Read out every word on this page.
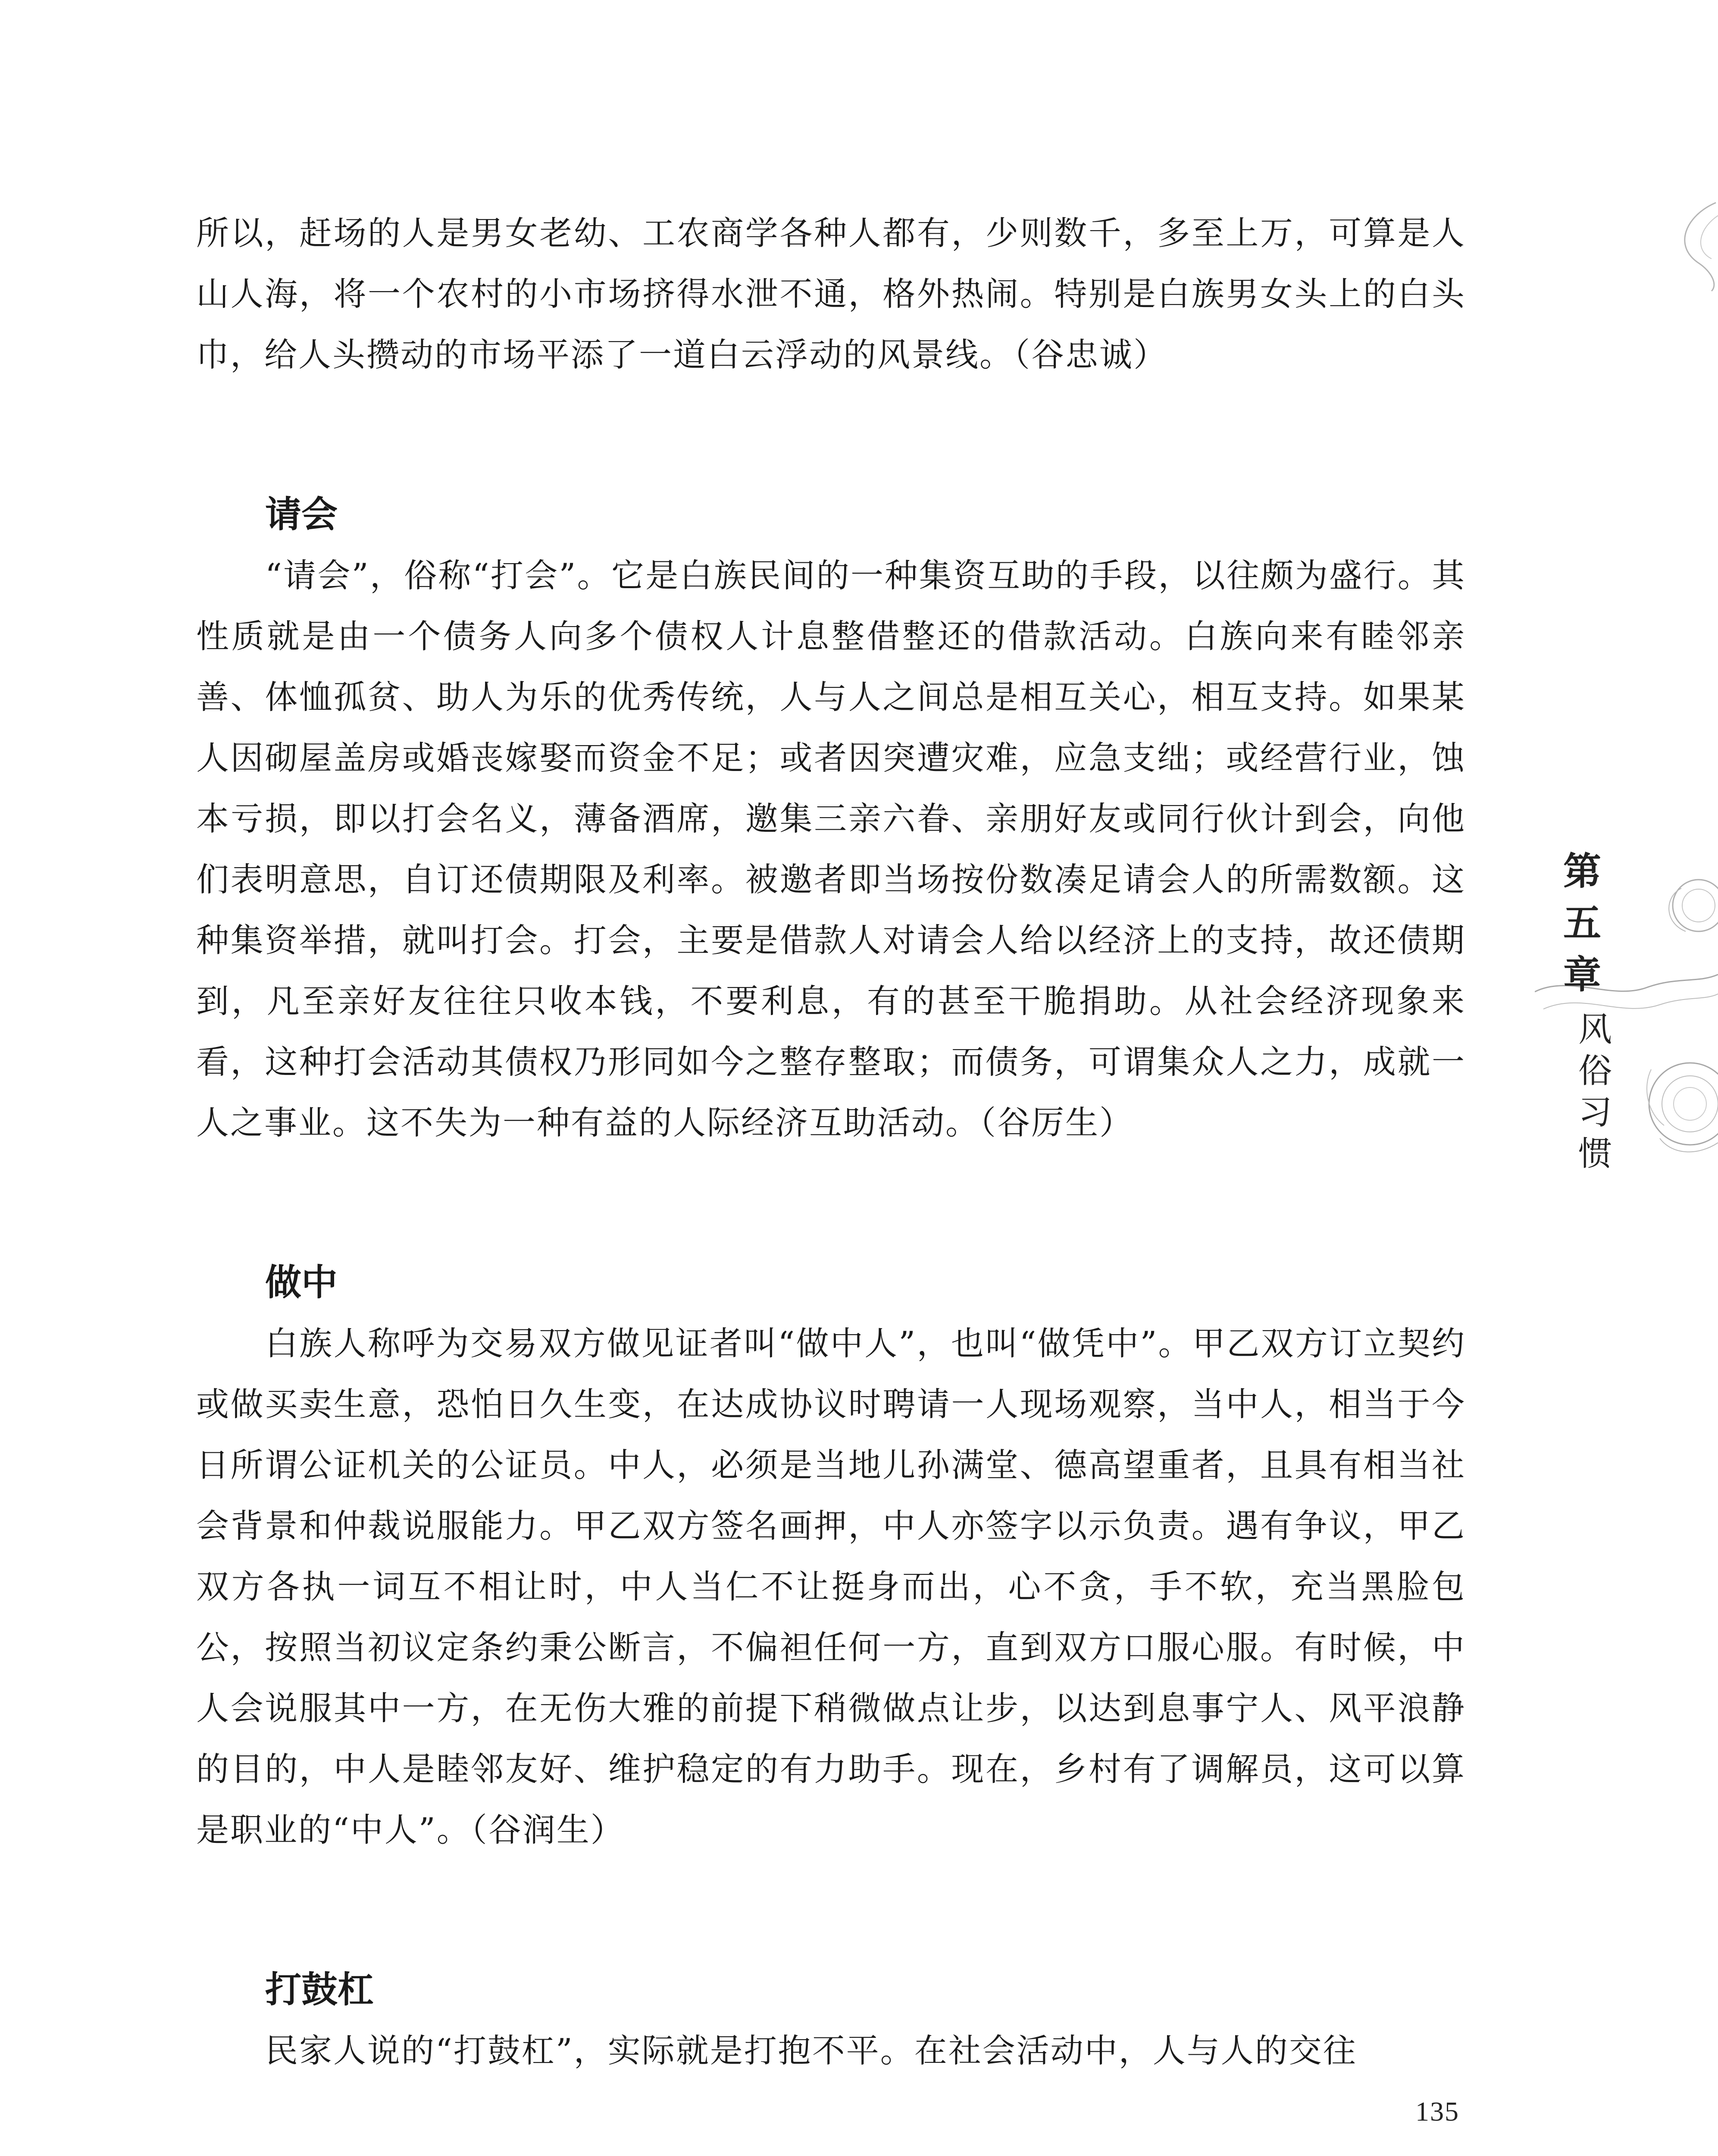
所以，赶场的人是男女老幼、工农商学各种人都有，少则数千，多至上万，可算是人山人海，将一个农村的小市场挤得水泄不通，格外热闹。特别是白族男女头上的白头巾，给人头攒动的市场平添了一道白云浮动的风景线。（谷忠诚）

请会

“请会”，俗称“打会”。它是白族民间的一种集资互助的手段，以往颇为盛行。其性质就是由一个债务人向多个债权人计息整借整还的借款活动。白族向来有睦邻亲善、体恤孤贫、助人为乐的优秀传统，人与人之间总是相互关心，相互支持。如果某人因砌屋盖房或婚丧嫁娶而资金不足；或者因突遭灾难，应急支绌；或经营行业，蚀本亏损，即以打会名义，薄备酒席，邀集三亲六眷、亲朋好友或同行伙计到会，向他们表明意思，自订还债期限及利率。被邀者即当场按份数凑足请会人的所需数额。这种集资举措，就叫打会。打会，主要是借款人对请会人给以经济上的支持，故还债期到，凡至亲好友往往只收本钱，不要利息，有的甚至干脆捐助。从社会经济现象来看，这种打会活动其债权乃形同如今之整存整取；而债务，可谓集众人之力，成就一人之事业。这不失为一种有益的人际经济互助活动。（谷厉生）

做中

白族人称呼为交易双方做见证者叫“做中人”，也叫“做凭中”。甲乙双方订立契约或做买卖生意，恐怕日久生变，在达成协议时聘请一人现场观察，当中人，相当于今日所谓公证机关的公证员。中人，必须是当地儿孙满堂、德高望重者，且具有相当社会背景和仲裁说服能力。甲乙双方签名画押，中人亦签字以示负责。遇有争议，甲乙双方各执一词互不相让时，中人当仁不让挺身而出，心不贪，手不软，充当黑脸包公，按照当初议定条约秉公断言，不偏袒任何一方，直到双方口服心服。有时候，中人会说服其中一方，在无伤大雅的前提下稍微做点让步，以达到息事宁人、风平浪静的目的，中人是睦邻友好、维护稳定的有力助手。现在，乡村有了调解员，这可以算是职业的“中人”。（谷润生）

打鼓杠

民家人说的“打鼓杠”，实际就是打抱不平。在社会活动中，人与人的交往

第
五
章
风
俗
习
惯
135
